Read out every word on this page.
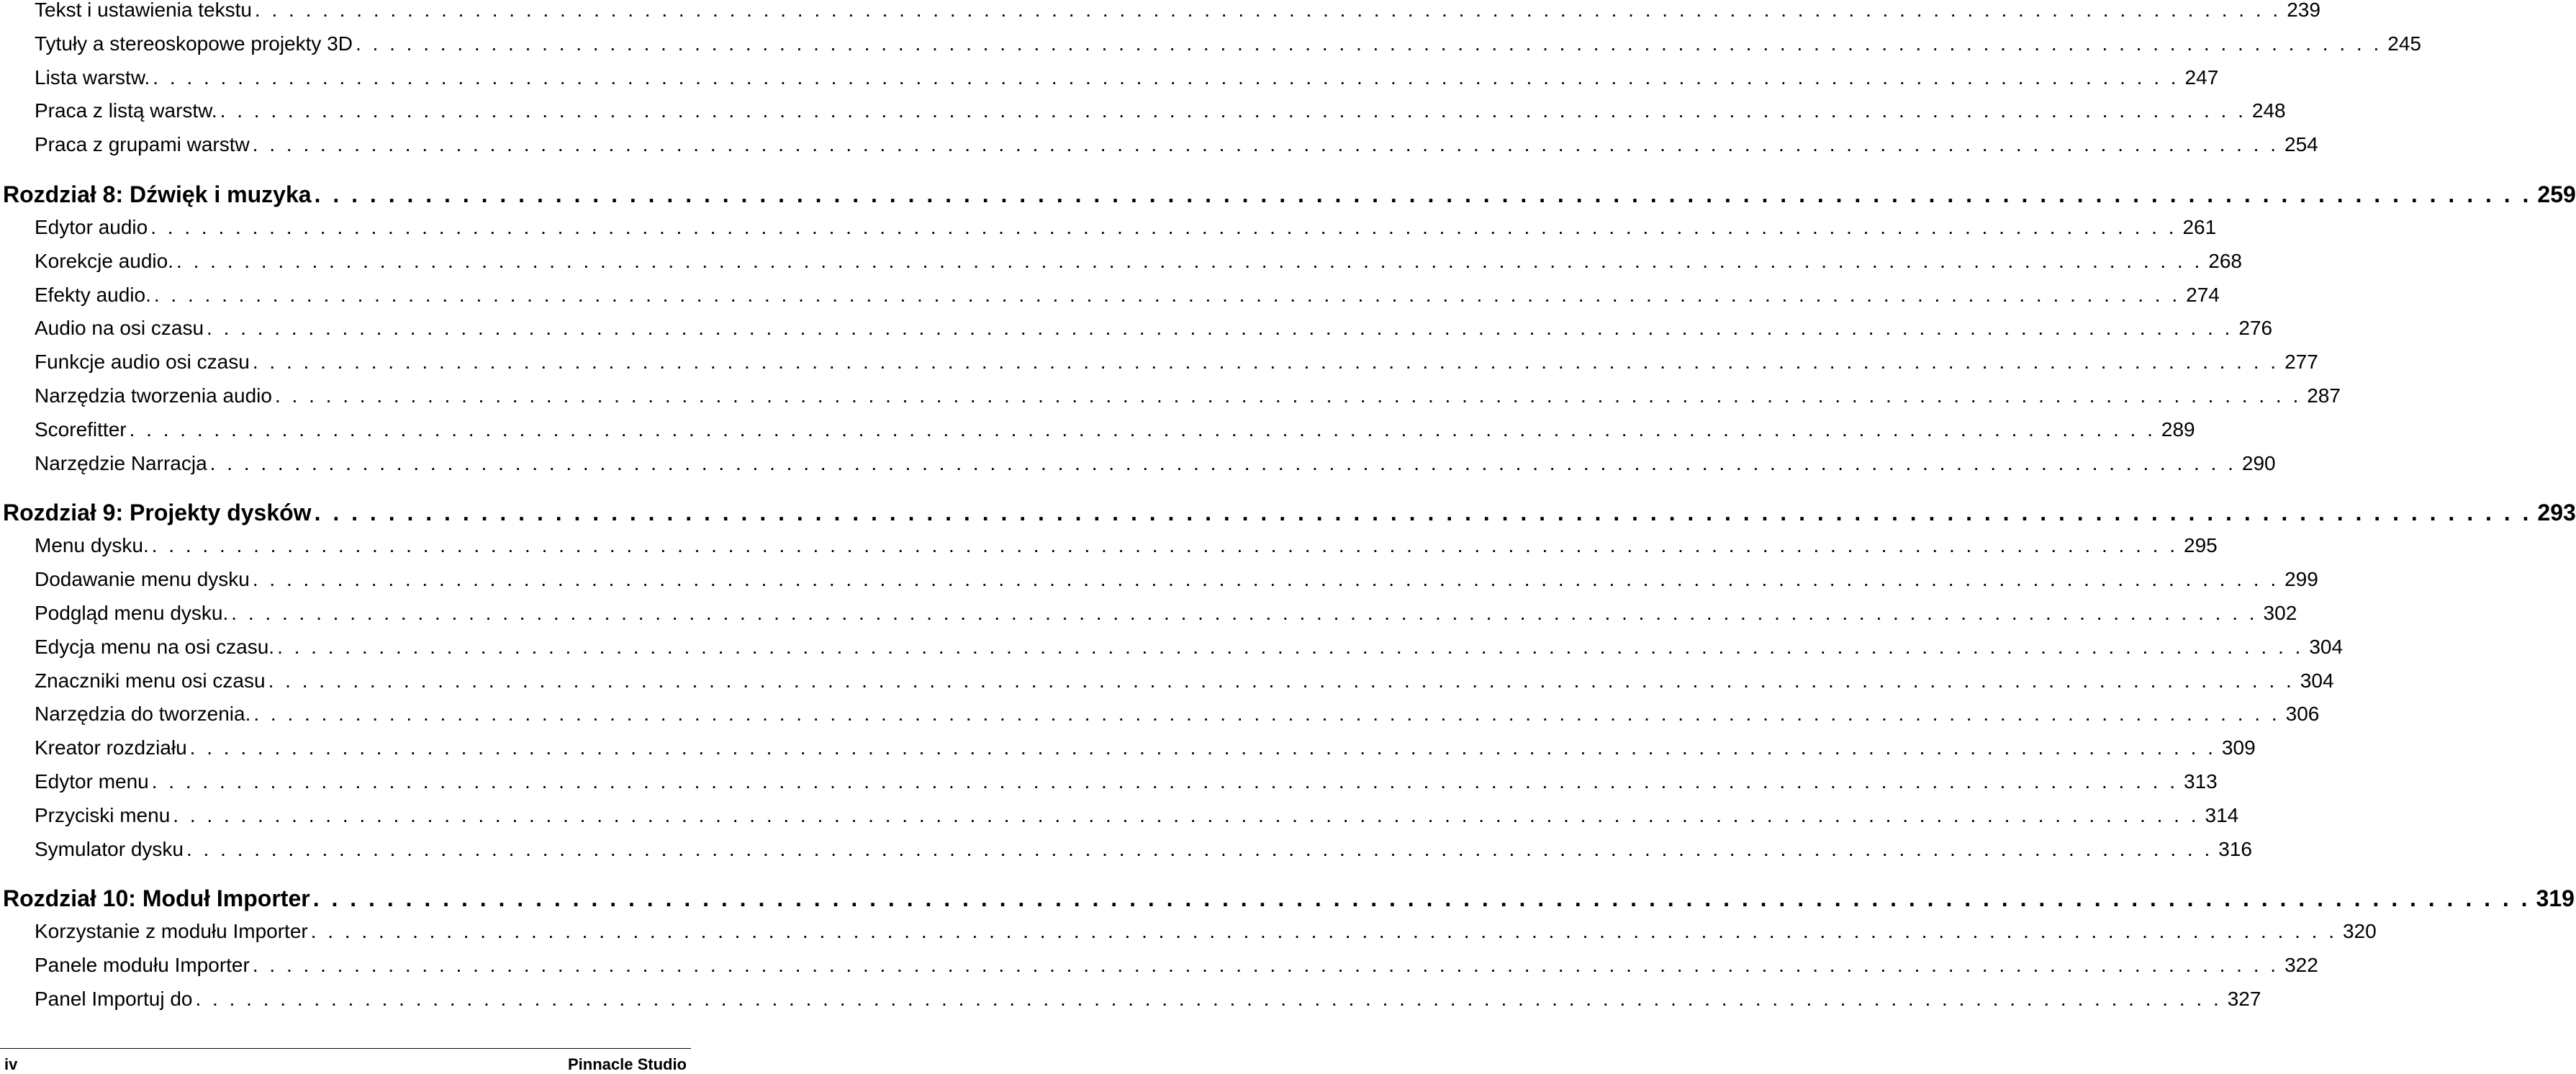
Tekst i ustawienia tekstu . . . . . . . . . . . . . . . . . . . . . . . . . . . . . . . . . . . . . . . . . . . . . . . . . . . . . . . . . . . . . . . . . . . . . . . . . . . . . . . . . . . . . . . . . . . . . . . . . . . . . . . . . . . . . . . . . . . . . . . . 239
Tytuły a stereoskopowe projekty 3D . . . . . . . . . . . . . . . . . . . . . . . . . . . . . . . . . . . . . . . . . . . . . . . . . . . . . . . . . . . . . . . . . . . . . . . . . . . . . . . . . . . . . . . . . . . . . . . . . . . . . . . . . . . . . . . . . . . . . . . . 245
Lista warstw. . . . . . . . . . . . . . . . . . . . . . . . . . . . . . . . . . . . . . . . . . . . . . . . . . . . . . . . . . . . . . . . . . . . . . . . . . . . . . . . . . . . . . . . . . . . . . . . . . . . . . . . . . . . . . . . . . . . . . . . . 247
Praca z listą warstw. . . . . . . . . . . . . . . . . . . . . . . . . . . . . . . . . . . . . . . . . . . . . . . . . . . . . . . . . . . . . . . . . . . . . . . . . . . . . . . . . . . . . . . . . . . . . . . . . . . . . . . . . . . . . . . . . . . . . . . . . 248
Praca z grupami warstw . . . . . . . . . . . . . . . . . . . . . . . . . . . . . . . . . . . . . . . . . . . . . . . . . . . . . . . . . . . . . . . . . . . . . . . . . . . . . . . . . . . . . . . . . . . . . . . . . . . . . . . . . . . . . . . . . . . . . . . . 254
Rozdział 8: Dźwięk i muzyka . . . . . . . . . . . . . . . . . . . . . . . . . . . . . . . . . . . . . . . . . . . . . . . . . . . . . . . . . . . . . . . . . . . . . . . . . . . . . . . . . . . . . . . . . . . . . . . . . . . . . . . . . . . . . . . . . . . . . . . . 259
Edytor audio . . . . . . . . . . . . . . . . . . . . . . . . . . . . . . . . . . . . . . . . . . . . . . . . . . . . . . . . . . . . . . . . . . . . . . . . . . . . . . . . . . . . . . . . . . . . . . . . . . . . . . . . . . . . . . . . . . . . . . . . 261
Korekcje audio. . . . . . . . . . . . . . . . . . . . . . . . . . . . . . . . . . . . . . . . . . . . . . . . . . . . . . . . . . . . . . . . . . . . . . . . . . . . . . . . . . . . . . . . . . . . . . . . . . . . . . . . . . . . . . . . . . . . . . . . . 268
Efekty audio. . . . . . . . . . . . . . . . . . . . . . . . . . . . . . . . . . . . . . . . . . . . . . . . . . . . . . . . . . . . . . . . . . . . . . . . . . . . . . . . . . . . . . . . . . . . . . . . . . . . . . . . . . . . . . . . . . . . . . . . . 274
Audio na osi czasu . . . . . . . . . . . . . . . . . . . . . . . . . . . . . . . . . . . . . . . . . . . . . . . . . . . . . . . . . . . . . . . . . . . . . . . . . . . . . . . . . . . . . . . . . . . . . . . . . . . . . . . . . . . . . . . . . . . . . . . . 276
Funkcje audio osi czasu . . . . . . . . . . . . . . . . . . . . . . . . . . . . . . . . . . . . . . . . . . . . . . . . . . . . . . . . . . . . . . . . . . . . . . . . . . . . . . . . . . . . . . . . . . . . . . . . . . . . . . . . . . . . . . . . . . . . . . . . 277
Narzędzia tworzenia audio . . . . . . . . . . . . . . . . . . . . . . . . . . . . . . . . . . . . . . . . . . . . . . . . . . . . . . . . . . . . . . . . . . . . . . . . . . . . . . . . . . . . . . . . . . . . . . . . . . . . . . . . . . . . . . . . . . . . . . . . 287
Scorefitter . . . . . . . . . . . . . . . . . . . . . . . . . . . . . . . . . . . . . . . . . . . . . . . . . . . . . . . . . . . . . . . . . . . . . . . . . . . . . . . . . . . . . . . . . . . . . . . . . . . . . . . . . . . . . . . . . . . . . . . . 289
Narzędzie Narracja . . . . . . . . . . . . . . . . . . . . . . . . . . . . . . . . . . . . . . . . . . . . . . . . . . . . . . . . . . . . . . . . . . . . . . . . . . . . . . . . . . . . . . . . . . . . . . . . . . . . . . . . . . . . . . . . . . . . . . . . 290
Rozdział 9: Projekty dysków . . . . . . . . . . . . . . . . . . . . . . . . . . . . . . . . . . . . . . . . . . . . . . . . . . . . . . . . . . . . . . . . . . . . . . . . . . . . . . . . . . . . . . . . . . . . . . . . . . . . . . . . . . . . . . . . . . . . . . . . 293
Menu dysku. . . . . . . . . . . . . . . . . . . . . . . . . . . . . . . . . . . . . . . . . . . . . . . . . . . . . . . . . . . . . . . . . . . . . . . . . . . . . . . . . . . . . . . . . . . . . . . . . . . . . . . . . . . . . . . . . . . . . . . . . 295
Dodawanie menu dysku . . . . . . . . . . . . . . . . . . . . . . . . . . . . . . . . . . . . . . . . . . . . . . . . . . . . . . . . . . . . . . . . . . . . . . . . . . . . . . . . . . . . . . . . . . . . . . . . . . . . . . . . . . . . . . . . . . . . . . . . 299
Podgląd menu dysku. . . . . . . . . . . . . . . . . . . . . . . . . . . . . . . . . . . . . . . . . . . . . . . . . . . . . . . . . . . . . . . . . . . . . . . . . . . . . . . . . . . . . . . . . . . . . . . . . . . . . . . . . . . . . . . . . . . . . . . . . 302
Edycja menu na osi czasu. . . . . . . . . . . . . . . . . . . . . . . . . . . . . . . . . . . . . . . . . . . . . . . . . . . . . . . . . . . . . . . . . . . . . . . . . . . . . . . . . . . . . . . . . . . . . . . . . . . . . . . . . . . . . . . . . . . . . . . . . 304
Znaczniki menu osi czasu . . . . . . . . . . . . . . . . . . . . . . . . . . . . . . . . . . . . . . . . . . . . . . . . . . . . . . . . . . . . . . . . . . . . . . . . . . . . . . . . . . . . . . . . . . . . . . . . . . . . . . . . . . . . . . . . . . . . . . . . 304
Narzędzia do tworzenia. . . . . . . . . . . . . . . . . . . . . . . . . . . . . . . . . . . . . . . . . . . . . . . . . . . . . . . . . . . . . . . . . . . . . . . . . . . . . . . . . . . . . . . . . . . . . . . . . . . . . . . . . . . . . . . . . . . . . . . . . 306
Kreator rozdziału . . . . . . . . . . . . . . . . . . . . . . . . . . . . . . . . . . . . . . . . . . . . . . . . . . . . . . . . . . . . . . . . . . . . . . . . . . . . . . . . . . . . . . . . . . . . . . . . . . . . . . . . . . . . . . . . . . . . . . . . 309
Edytor menu . . . . . . . . . . . . . . . . . . . . . . . . . . . . . . . . . . . . . . . . . . . . . . . . . . . . . . . . . . . . . . . . . . . . . . . . . . . . . . . . . . . . . . . . . . . . . . . . . . . . . . . . . . . . . . . . . . . . . . . . 313
Przyciski menu . . . . . . . . . . . . . . . . . . . . . . . . . . . . . . . . . . . . . . . . . . . . . . . . . . . . . . . . . . . . . . . . . . . . . . . . . . . . . . . . . . . . . . . . . . . . . . . . . . . . . . . . . . . . . . . . . . . . . . . . 314
Symulator dysku . . . . . . . . . . . . . . . . . . . . . . . . . . . . . . . . . . . . . . . . . . . . . . . . . . . . . . . . . . . . . . . . . . . . . . . . . . . . . . . . . . . . . . . . . . . . . . . . . . . . . . . . . . . . . . . . . . . . . . . . 316
Rozdział 10: Moduł Importer . . . . . . . . . . . . . . . . . . . . . . . . . . . . . . . . . . . . . . . . . . . . . . . . . . . . . . . . . . . . . . . . . . . . . . . . . . . . . . . . . . . . . . . . . . . . . . . . . . . . . . . . . . . . . . . . . . . . . . . . 319
Korzystanie z modułu Importer . . . . . . . . . . . . . . . . . . . . . . . . . . . . . . . . . . . . . . . . . . . . . . . . . . . . . . . . . . . . . . . . . . . . . . . . . . . . . . . . . . . . . . . . . . . . . . . . . . . . . . . . . . . . . . . . . . . . . . . . 320
Panele modułu Importer . . . . . . . . . . . . . . . . . . . . . . . . . . . . . . . . . . . . . . . . . . . . . . . . . . . . . . . . . . . . . . . . . . . . . . . . . . . . . . . . . . . . . . . . . . . . . . . . . . . . . . . . . . . . . . . . . . . . . . . . 322
Panel Importuj do . . . . . . . . . . . . . . . . . . . . . . . . . . . . . . . . . . . . . . . . . . . . . . . . . . . . . . . . . . . . . . . . . . . . . . . . . . . . . . . . . . . . . . . . . . . . . . . . . . . . . . . . . . . . . . . . . . . . . . . . 327
iv	Pinnacle Studio
